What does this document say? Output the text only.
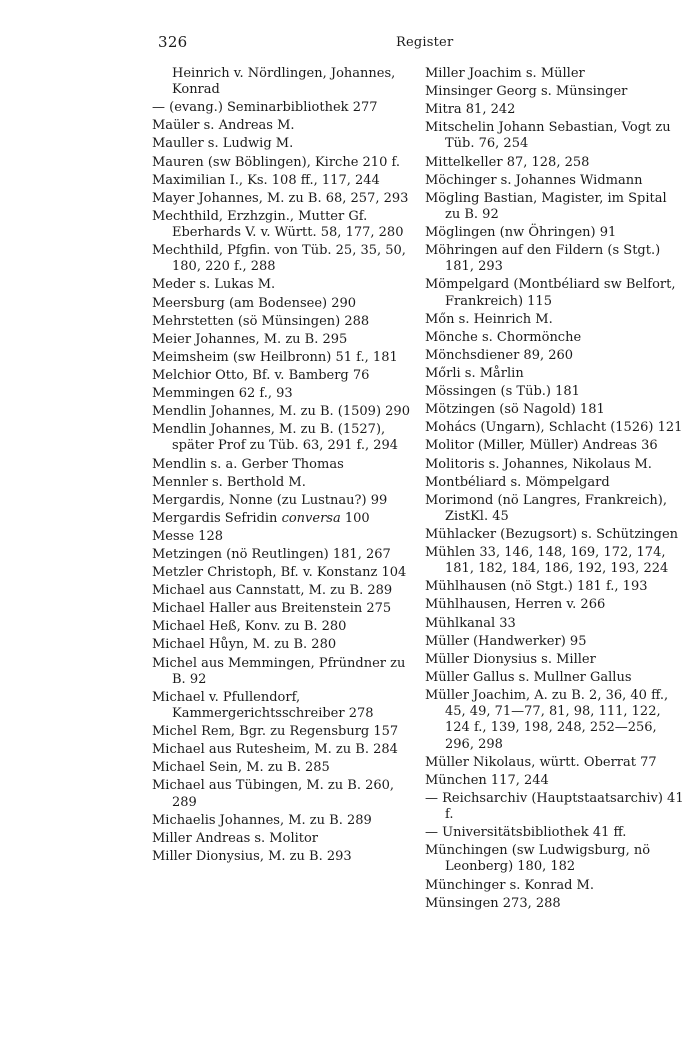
326	Register
Heinrich v. Nördlingen, Johannes, Konrad
— (evang.) Seminarbibliothek 277
Maüler s. Andreas M.
Mauller s. Ludwig M.
Mauren (sw Böblingen), Kirche 210 f.
Maximilian I., Ks. 108 ff., 117, 244
Mayer Johannes, M. zu B. 68, 257, 293
Mechthild, Erzhzgin., Mutter Gf. Eberhards V. v. Württ. 58, 177, 280
Mechthild, Pfgfin. von Tüb. 25, 35, 50, 180, 220 f., 288
Meder s. Lukas M.
Meersburg (am Bodensee) 290
Mehrstetten (sö Münsingen) 288
Meier Johannes, M. zu B. 295
Meimsheim (sw Heilbronn) 51 f., 181
Melchior Otto, Bf. v. Bamberg 76
Memmingen 62 f., 93
Mendlin Johannes, M. zu B. (1509) 290
Mendlin Johannes, M. zu B. (1527), später Prof zu Tüb. 63, 291 f., 294
Mendlin s. a. Gerber Thomas
Mennler s. Berthold M.
Mergardis, Nonne (zu Lustnau?) 99
Mergardis Sefridin conversa 100
Messe 128
Metzingen (nö Reutlingen) 181, 267
Metzler Christoph, Bf. v. Konstanz 104
Michael aus Cannstatt, M. zu B. 289
Michael Haller aus Breitenstein 275
Michael Heß, Konv. zu B. 280
Michael Hůyn, M. zu B. 280
Michel aus Memmingen, Pfründner zu B. 92
Michael v. Pfullendorf, Kammergerichtsschreiber 278
Michel Rem, Bgr. zu Regensburg 157
Michael aus Rutesheim, M. zu B. 284
Michael Sein, M. zu B. 285
Michael aus Tübingen, M. zu B. 260, 289
Michaelis Johannes, M. zu B. 289
Miller Andreas s. Molitor
Miller Dionysius, M. zu B. 293
Miller Joachim s. Müller
Minsinger Georg s. Münsinger
Mitra 81, 242
Mitschelin Johann Sebastian, Vogt zu Tüb. 76, 254
Mittelkeller 87, 128, 258
Möchinger s. Johannes Widmann
Mögling Bastian, Magister, im Spital zu B. 92
Möglingen (nw Öhringen) 91
Möhringen auf den Fildern (s Stgt.) 181, 293
Mömpelgard (Montbéliard sw Belfort, Frankreich) 115
Mőn s. Heinrich M.
Mönche s. Chormönche
Mönchsdiener 89, 260
Mőrli s. Mårlin
Mössingen (s Tüb.) 181
Mötzingen (sö Nagold) 181
Mohács (Ungarn), Schlacht (1526) 121
Molitor (Miller, Müller) Andreas 36
Molitoris s. Johannes, Nikolaus M.
Montbéliard s. Mömpelgard
Morimond (nö Langres, Frankreich), ZistKl. 45
Mühlacker (Bezugsort) s. Schützingen
Mühlen 33, 146, 148, 169, 172, 174, 181, 182, 184, 186, 192, 193, 224
Mühlhausen (nö Stgt.) 181 f., 193
Mühlhausen, Herren v. 266
Mühlkanal 33
Müller (Handwerker) 95
Müller Dionysius s. Miller
Müller Gallus s. Mullner Gallus
Müller Joachim, A. zu B. 2, 36, 40 ff., 45, 49, 71—77, 81, 98, 111, 122, 124 f., 139, 198, 248, 252—256, 296, 298
Müller Nikolaus, württ. Oberrat 77
München 117, 244
— Reichsarchiv (Hauptstaatsarchiv) 41 f.
— Universitätsbibliothek 41 ff.
Münchingen (sw Ludwigsburg, nö Leonberg) 180, 182
Münchinger s. Konrad M.
Münsingen 273, 288
